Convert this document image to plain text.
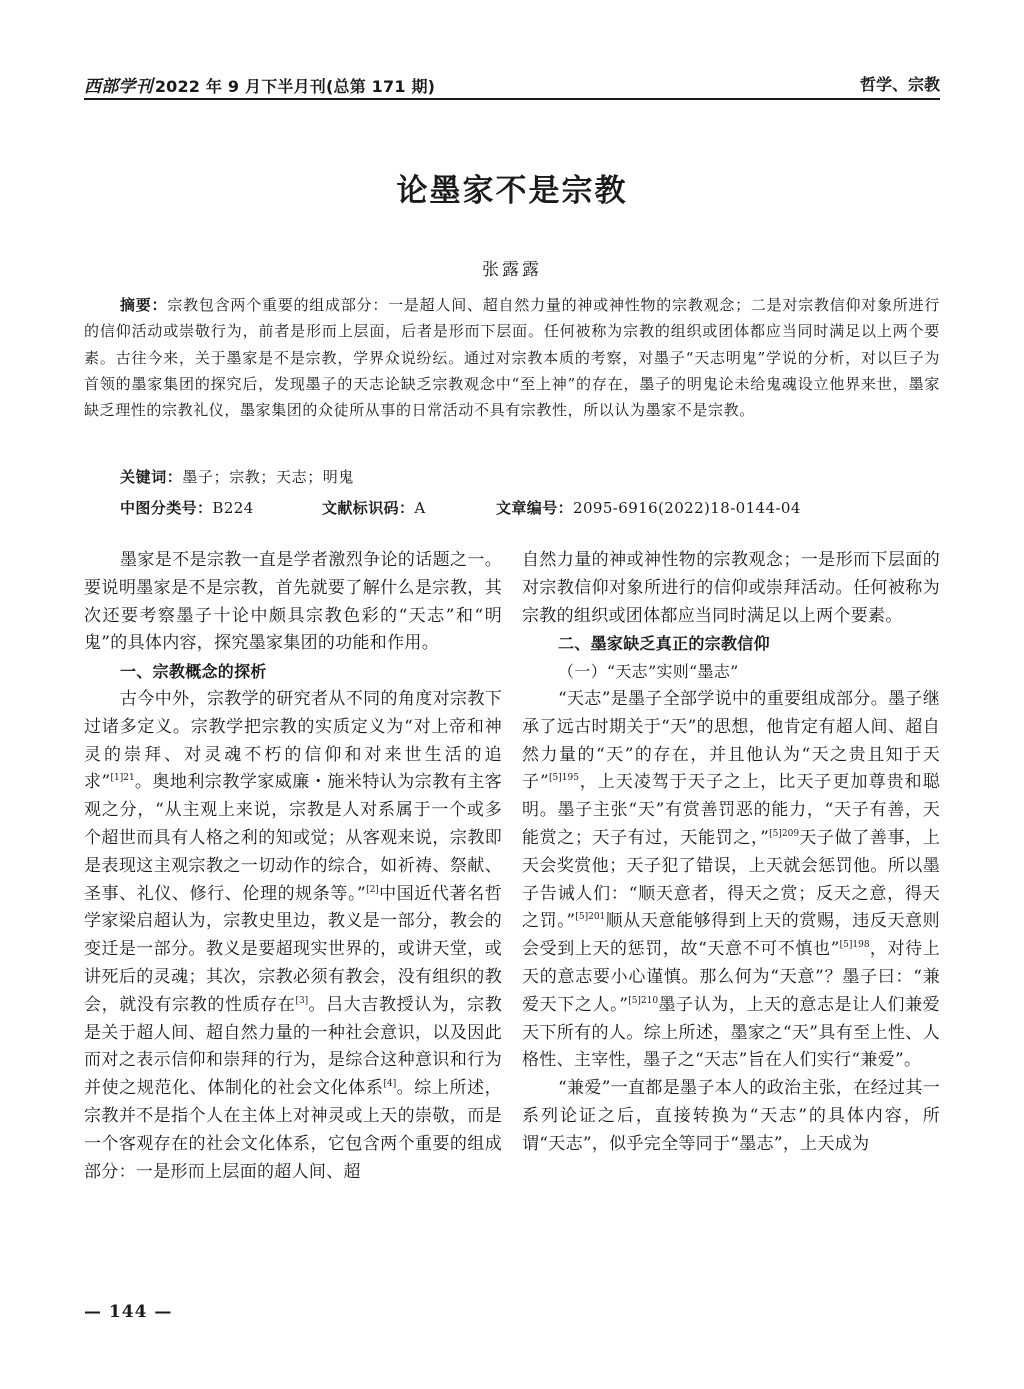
西部学刊 2022 年 9 月下半月刊(总第 171 期)	哲学、宗教
论墨家不是宗教
张露露
摘要：宗教包含两个重要的组成部分：一是超人间、超自然力量的神或神性物的宗教观念；二是对宗教信仰对象所进行的信仰活动或崇敬行为，前者是形而上层面，后者是形而下层面。任何被称为宗教的组织或团体都应当同时满足以上两个要素。古往今来，关于墨家是不是宗教，学界众说纷纭。通过对宗教本质的考察，对墨子“天志明鬼”学说的分析，对以巨子为首领的墨家集团的探究后，发现墨子的天志论缺乏宗教观念中“至上神”的存在，墨子的明鬼论未给鬼魂设立他界来世，墨家缺乏理性的宗教礼仪，墨家集团的众徒所从事的日常活动不具有宗教性，所以认为墨家不是宗教。
关键词：墨子；宗教；天志；明鬼
中图分类号：B224	文献标识码：A	文章编号：2095-6916(2022)18-0144-04

墨家是不是宗教一直是学者激烈争论的话题之一。要说明墨家是不是宗教，首先就要了解什么是宗教，其次还要考察墨子十论中颇具宗教色彩的“天志”和“明鬼”的具体内容，探究墨家集团的功能和作用。

一、宗教概念的探析

古今中外，宗教学的研究者从不同的角度对宗教下过诸多定义。宗教学把宗教的实质定义为“对上帝和神灵的崇拜、对灵魂不朽的信仰和对来世生活的追求”$^{[1]21}$。奥地利宗教学家威廉・施米特认为宗教有主客观之分，“从主观上来说，宗教是人对系属于一个或多个超世而具有人格之利的知或觉；从客观来说，宗教即是表现这主观宗教之一切动作的综合，如祈祷、祭献、圣事、礼仪、修行、伦理的规条等。”[2]中国近代著名哲学家梁启超认为，宗教史里边，教义是一部分，教会的变迁是一部分。教义是要超现实世界的，或讲天堂，或讲死后的灵魂；其次，宗教必须有教会，没有组织的教会，就没有宗教的性质存在[3]。吕大吉教授认为，宗教是关于超人间、超自然力量的一种社会意识，以及因此而对之表示信仰和崇拜的行为，是综合这种意识和行为并使之规范化、体制化的社会文化体系[4]。综上所述，宗教并不是指个人在主体上对神灵或上天的崇敬，而是一个客观存在的社会文化体系，它包含两个重要的组成部分：一是形而上层面的超人间、超

自然力量的神或神性物的宗教观念；一是形而下层面的对宗教信仰对象所进行的信仰或崇拜活动。任何被称为宗教的组织或团体都应当同时满足以上两个要素。

二、墨家缺乏真正的宗教信仰
（一）“天志”实则“墨志”

“天志”是墨子全部学说中的重要组成部分。墨子继承了远古时期关于“天”的思想，他肯定有超人间、超自然力量的“天”的存在，并且他认为“天之贵且知于天子”$^{[5]195}$，上天凌驾于天子之上，比天子更加尊贵和聪明。墨子主张“天”有赏善罚恶的能力，“天子有善，天能赏之；天子有过，天能罚之，”$^{[5]209}$天子做了善事，上天会奖赏他；天子犯了错误，上天就会惩罚他。所以墨子告诫人们：“顺天意者，得天之赏；反天之意，得天之罚。”$^{[5]201}$顺从天意能够得到上天的赏赐，违反天意则会受到上天的惩罚，故“天意不可不慎也”$^{[5]198}$，对待上天的意志要小心谨慎。那么何为“天意”？墨子曰：“兼爱天下之人。”$^{[5]210}$墨子认为，上天的意志是让人们兼爱天下所有的人。综上所述，墨家之“天”具有至上性、人格性、主宰性，墨子之“天志”旨在人们实行“兼爱”。

“兼爱”一直都是墨子本人的政治主张，在经过其一系列论证之后，直接转换为“天志”的具体内容，所谓“天志”，似乎完全等同于“墨志”，上天成为

— 144 —
